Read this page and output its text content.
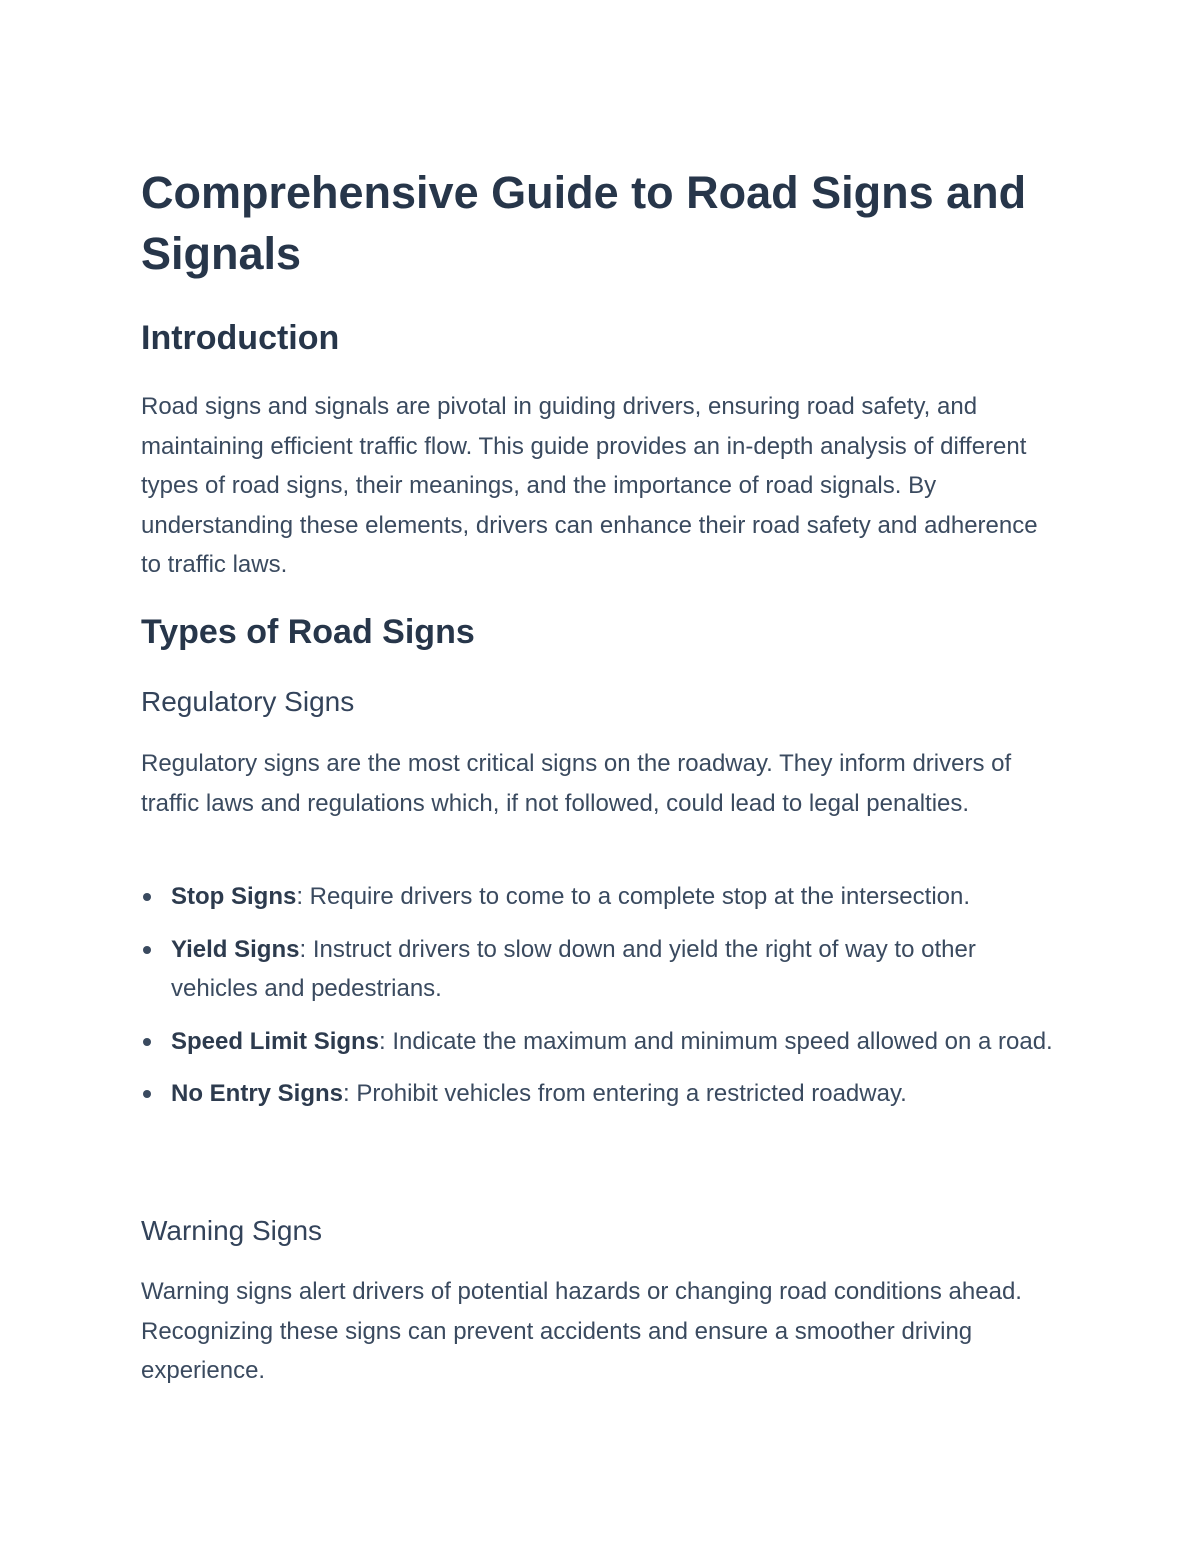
Comprehensive Guide to Road Signs and Signals
Introduction

Road signs and signals are pivotal in guiding drivers, ensuring road safety, and maintaining efficient traffic flow. This guide provides an in-depth analysis of different types of road signs, their meanings, and the importance of road signals. By understanding these elements, drivers can enhance their road safety and adherence to traffic laws.

Types of Road Signs
Regulatory Signs

Regulatory signs are the most critical signs on the roadway. They inform drivers of traffic laws and regulations which, if not followed, could lead to legal penalties.

Stop Signs: Require drivers to come to a complete stop at the intersection.
Yield Signs: Instruct drivers to slow down and yield the right of way to other vehicles and pedestrians.
Speed Limit Signs: Indicate the maximum and minimum speed allowed on a road.
No Entry Signs: Prohibit vehicles from entering a restricted roadway.
Warning Signs

Warning signs alert drivers of potential hazards or changing road conditions ahead. Recognizing these signs can prevent accidents and ensure a smoother driving experience.
